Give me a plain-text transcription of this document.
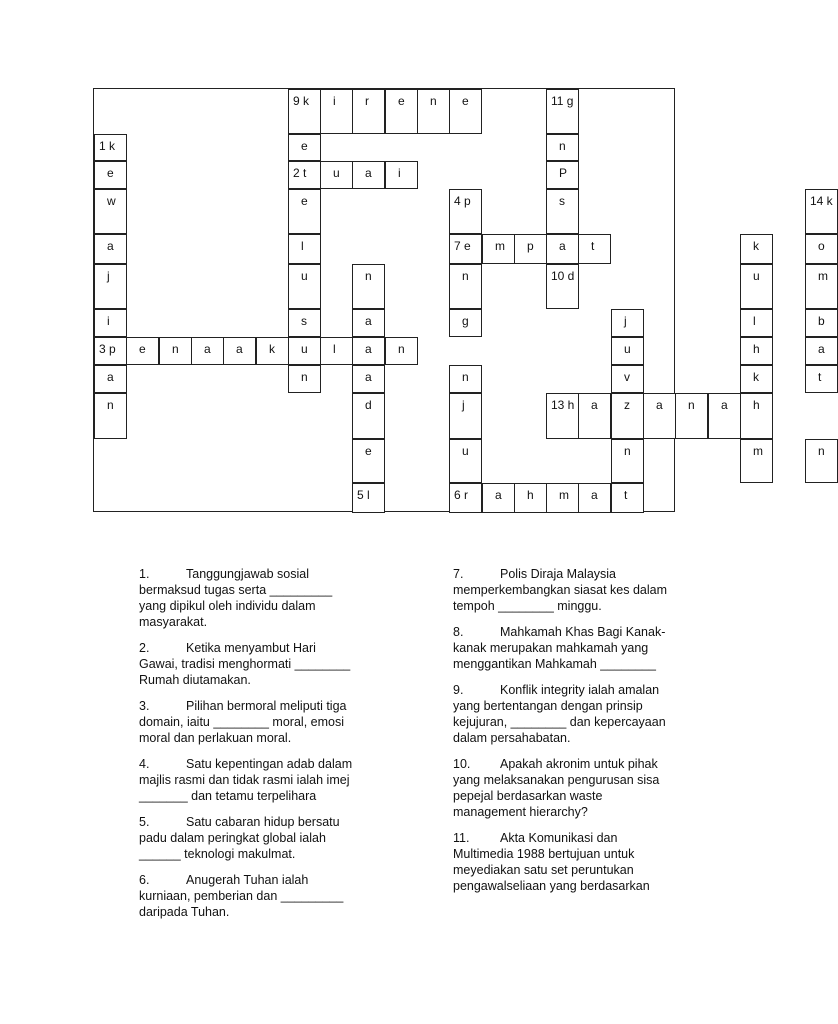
9 k i r e n e	11 g
1 k	e	n
e	2 t u a i	P
w	e	4 p	s	14 k
a	l	7 e m p a t	k	o
j	u	n	n	10 d	u	m
i	s	a	g	j	l	b
3 p e n a a k u l a n	u	h	a
a	n	a	n	v	k	t
n	d	j	13 h a z a n a h
e	u	n	m	n
5 l	6 r a h m a t
1.	Tanggungjawab sosial
bermaksud tugas serta _________
yang dipikul oleh individu dalam
masyarakat.
2.	Ketika menyambut Hari
Gawai, tradisi menghormati ________
Rumah diutamakan.
3.	Pilihan bermoral meliputi tiga
domain, iaitu ________ moral, emosi
moral dan perlakuan moral.
4.	Satu kepentingan adab dalam
majlis rasmi dan tidak rasmi ialah imej
_______ dan tetamu terpelihara
5.	Satu cabaran hidup bersatu
padu dalam peringkat global ialah
______ teknologi makulmat.
6.	Anugerah Tuhan ialah
kurniaan, pemberian dan _________
daripada Tuhan.
7.	Polis Diraja Malaysia
memperkembangkan siasat kes dalam
tempoh ________ minggu.
8.	Mahkamah Khas Bagi Kanak-
kanak merupakan mahkamah yang
menggantikan Mahkamah ________
9.	Konflik integrity ialah amalan
yang bertentangan dengan prinsip
kejujuran, ________ dan kepercayaan
dalam persahabatan.
10. Apakah akronim untuk pihak
yang melaksanakan pengurusan sisa
pepejal berdasarkan waste
management hierarchy?
11. Akta Komunikasi dan
Multimedia 1988 bertujuan untuk
meyediakan satu set peruntukan
pengawalseliaan yang berdasarkan
